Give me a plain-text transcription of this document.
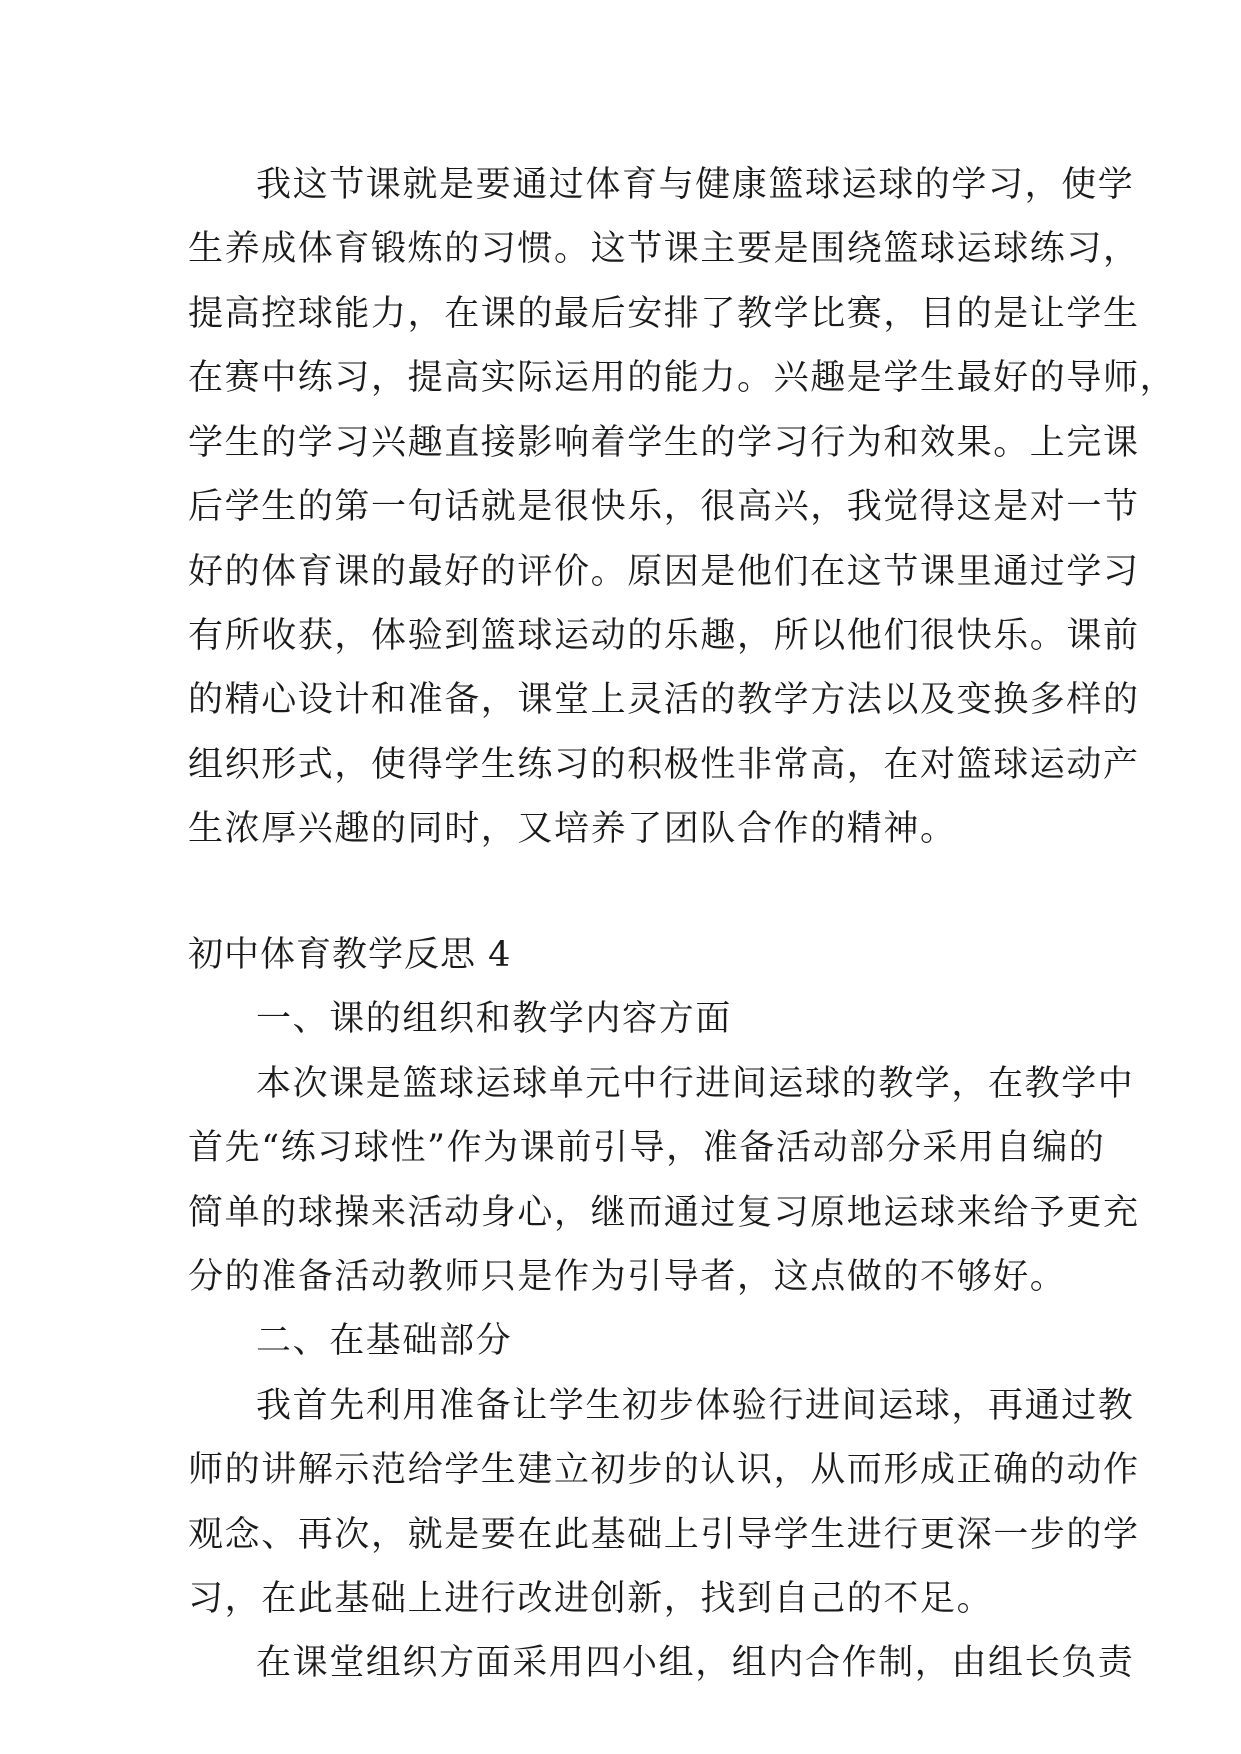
我这节课就是要通过体育与健康篮球运球的学习，使学
生养成体育锻炼的习惯。这节课主要是围绕篮球运球练习，
提高控球能力，在课的最后安排了教学比赛，目的是让学生
在赛中练习，提高实际运用的能力。兴趣是学生最好的导师，
学生的学习兴趣直接影响着学生的学习行为和效果。上完课
后学生的第一句话就是很快乐，很高兴，我觉得这是对一节
好的体育课的最好的评价。原因是他们在这节课里通过学习
有所收获，体验到篮球运动的乐趣，所以他们很快乐。课前
的精心设计和准备，课堂上灵活的教学方法以及变换多样的
组织形式，使得学生练习的积极性非常高，在对篮球运动产
生浓厚兴趣的同时，又培养了团队合作的精神。
初中体育教学反思 4
一、课的组织和教学内容方面
本次课是篮球运球单元中行进间运球的教学，在教学中
首先“练习球性”作为课前引导，准备活动部分采用自编的
简单的球操来活动身心，继而通过复习原地运球来给予更充
分的准备活动教师只是作为引导者，这点做的不够好。
二、在基础部分
我首先利用准备让学生初步体验行进间运球，再通过教
师的讲解示范给学生建立初步的认识，从而形成正确的动作
观念、再次，就是要在此基础上引导学生进行更深一步的学
习，在此基础上进行改进创新，找到自己的不足。
在课堂组织方面采用四小组，组内合作制，由组长负责
